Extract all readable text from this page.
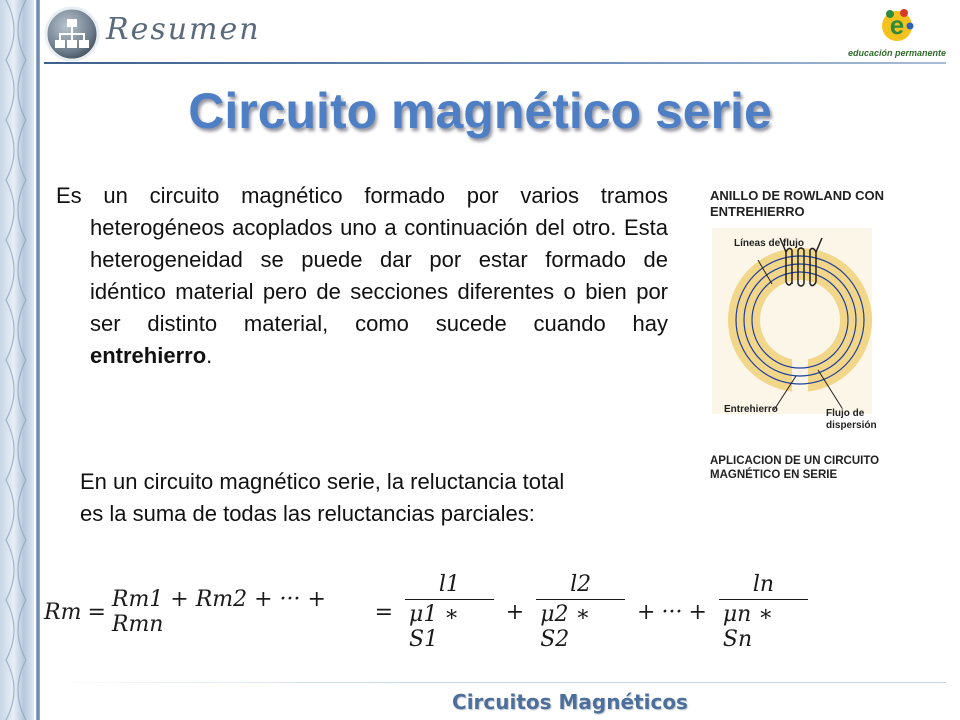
Resumen	e
educación permanente
Circuito magnético serie
Es un circuito magnético formado por varios tramos heterogéneos acoplados uno a continuación del otro. Esta heterogeneidad se puede dar por estar formado de idéntico material pero de secciones diferentes o bien por ser distinto material, como sucede cuando hay entrehierro.
En un circuito magnético serie, la reluctancia total es la suma de todas las reluctancias parciales:
ANILLO DE ROWLAND CON ENTREHIERRO
Líneas de flujo
Entrehierro	Flujo de dispersión
APLICACION DE UN CIRCUITO MAGNÉTICO EN SERIE
Rm = Rm1 + Rm2 + ··· + Rmn	= $\frac{l1}{\mu 1 ∗ S1} + \frac{l2}{\mu 2 ∗ S2}$ + ··· + $\frac{\ln}{\mu n ∗ Sn}$
Circuitos Magnéticos
